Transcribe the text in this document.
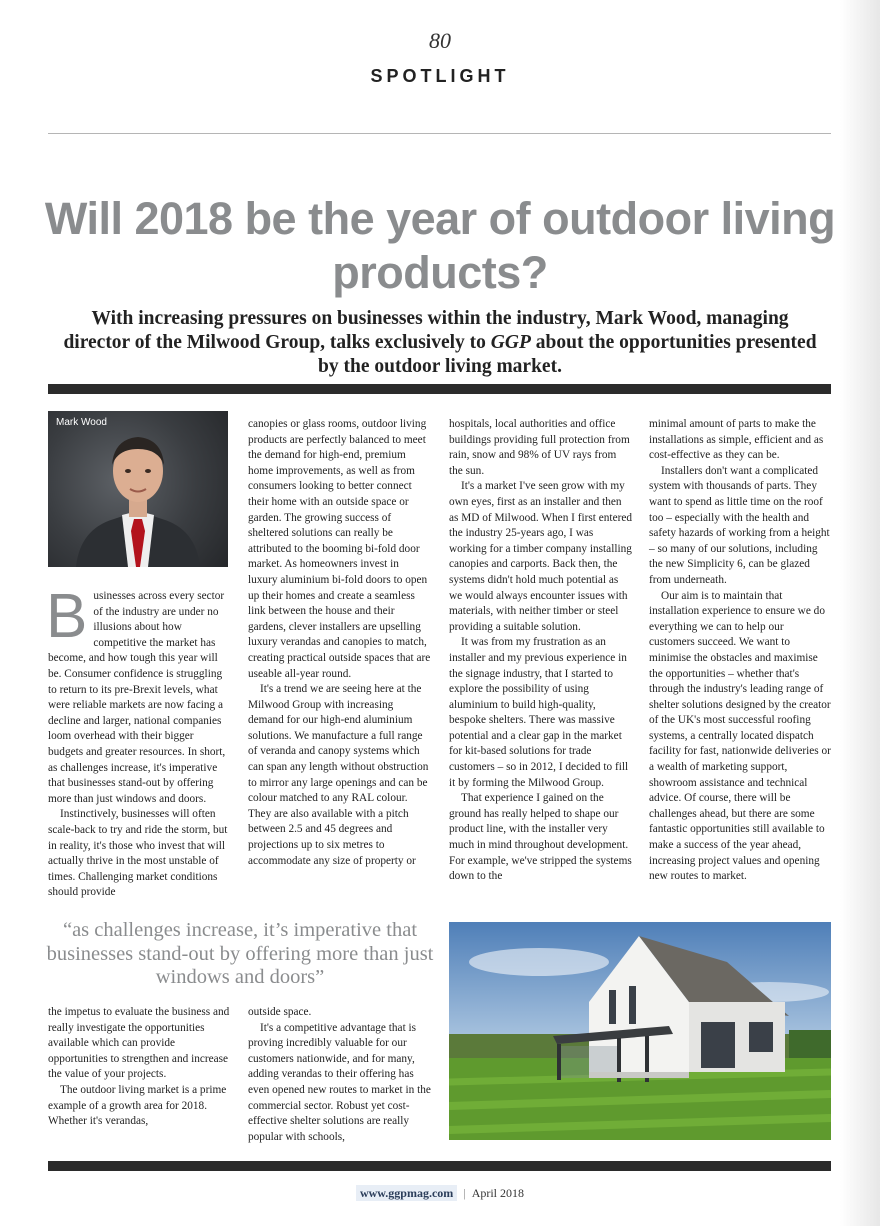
80
SPOTLIGHT
Will 2018 be the year of outdoor living products?
With increasing pressures on businesses within the industry, Mark Wood, managing director of the Milwood Group, talks exclusively to GGP about the opportunities presented by the outdoor living market.
Mark Wood
B usinesses across every sector of the industry are under no illusions about how competitive the market has become, and how tough this year will be. Consumer confidence is struggling to return to its pre-Brexit levels, what were reliable markets are now facing a decline and larger, national companies loom overhead with their bigger budgets and greater resources. In short, as challenges increase, it's imperative that businesses stand-out by offering more than just windows and doors.

Instinctively, businesses will often scale-back to try and ride the storm, but in reality, it's those who invest that will actually thrive in the most unstable of times. Challenging market conditions should provide

canopies or glass rooms, outdoor living products are perfectly balanced to meet the demand for high-end, premium home improvements, as well as from consumers looking to better connect their home with an outside space or garden. The growing success of sheltered solutions can really be attributed to the booming bi-fold door market. As homeowners invest in luxury aluminium bi-fold doors to open up their homes and create a seamless link between the house and their gardens, clever installers are upselling luxury verandas and canopies to match, creating practical outside spaces that are useable all-year round.

It's a trend we are seeing here at the Milwood Group with increasing demand for our high-end aluminium solutions. We manufacture a full range of veranda and canopy systems which can span any length without obstruction to mirror any large openings and can be colour matched to any RAL colour. They are also available with a pitch between 2.5 and 45 degrees and projections up to six metres to accommodate any size of property or

hospitals, local authorities and office buildings providing full protection from rain, snow and 98% of UV rays from the sun.

It's a market I've seen grow with my own eyes, first as an installer and then as MD of Milwood. When I first entered the industry 25-years ago, I was working for a timber company installing canopies and carports. Back then, the systems didn't hold much potential as we would always encounter issues with materials, with neither timber or steel providing a suitable solution.

It was from my frustration as an installer and my previous experience in the signage industry, that I started to explore the possibility of using aluminium to build high-quality, bespoke shelters. There was massive potential and a clear gap in the market for kit-based solutions for trade customers – so in 2012, I decided to fill it by forming the Milwood Group.

That experience I gained on the ground has really helped to shape our product line, with the installer very much in mind throughout development. For example, we've stripped the systems down to the

minimal amount of parts to make the installations as simple, efficient and as cost-effective as they can be.

Installers don't want a complicated system with thousands of parts. They want to spend as little time on the roof too – especially with the health and safety hazards of working from a height – so many of our solutions, including the new Simplicity 6, can be glazed from underneath.

Our aim is to maintain that installation experience to ensure we do everything we can to help our customers succeed. We want to minimise the obstacles and maximise the opportunities – whether that's through the industry's leading range of shelter solutions designed by the creator of the UK's most successful roofing systems, a centrally located dispatch facility for fast, nationwide deliveries or a wealth of marketing support, showroom assistance and technical advice. Of course, there will be challenges ahead, but there are some fantastic opportunities still available to make a success of the year ahead, increasing project values and opening new routes to market.

“as challenges increase, it’s imperative that businesses stand-out by offering more than just windows and doors”

the impetus to evaluate the business and really investigate the opportunities available which can provide opportunities to strengthen and increase the value of your projects.

The outdoor living market is a prime example of a growth area for 2018. Whether it's verandas,

outside space.

It's a competitive advantage that is proving incredibly valuable for our customers nationwide, and for many, adding verandas to their offering has even opened new routes to market in the commercial sector. Robust yet cost-effective shelter solutions are really popular with schools,

www.ggpmag.com | April 2018
